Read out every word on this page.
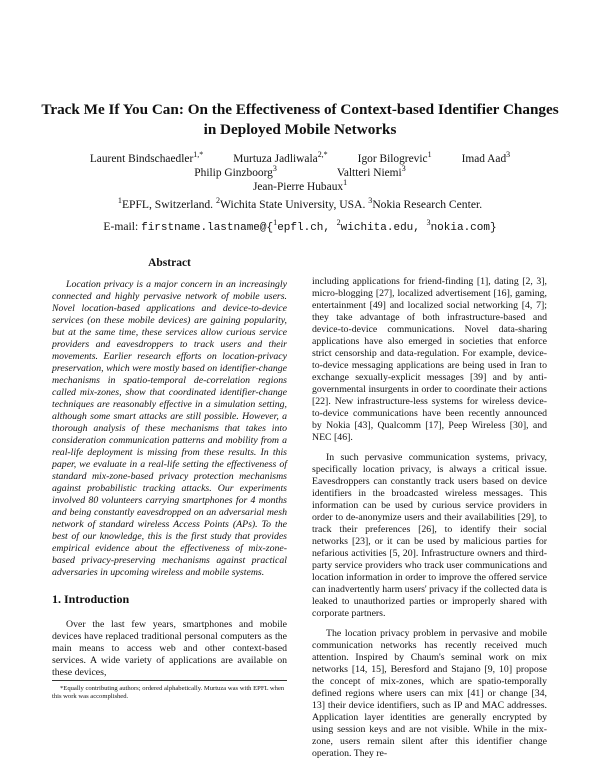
Track Me If You Can: On the Effectiveness of Context-based Identifier Changes
in Deployed Mobile Networks
Laurent Bindschaedler$^{1,*}$	Murtuza Jadliwala$^{2,*}$	Igor Bilogrevic$^1$	Imad Aad$^3$
Philip Ginzboorg$^3$	Valtteri Niemi$^3$
Jean-Pierre Hubaux$^1$
$^1$EPFL, Switzerland. $^2$Wichita State University, USA. $^3$Nokia Research Center.
E-mail: firstname.lastname@{$^1$epfl.ch, $^2$wichita.edu, $^3$nokia.com}
Abstract

Location privacy is a major concern in an increasingly connected and highly pervasive network of mobile users. Novel location-based applications and device-to-device services (on these mobile devices) are gaining popularity, but at the same time, these services allow curious service providers and eavesdroppers to track users and their movements. Earlier research efforts on location-privacy preservation, which were mostly based on identifier-change mechanisms in spatio-temporal de-correlation regions called mix-zones, show that coordinated identifier-change techniques are reasonably effective in a simulation setting, although some smart attacks are still possible. However, a thorough analysis of these mechanisms that takes into consideration communication patterns and mobility from a real-life deployment is missing from these results. In this paper, we evaluate in a real-life setting the effectiveness of standard mix-zone-based privacy protection mechanisms against probabilistic tracking attacks. Our experiments involved 80 volunteers carrying smartphones for 4 months and being constantly eavesdropped on an adversarial mesh network of standard wireless Access Points (APs). To the best of our knowledge, this is the first study that provides empirical evidence about the effectiveness of mix-zone-based privacy-preserving mechanisms against practical adversaries in upcoming wireless and mobile systems.

1. Introduction

Over the last few years, smartphones and mobile devices have replaced traditional personal computers as the main means to access web and other context-based services. A wide variety of applications are available on these devices,

*Equally contributing authors; ordered alphabetically. Murtuza was with EPFL when this work was accomplished.

including applications for friend-finding [1], dating [2, 3], micro-blogging [27], localized advertisement [16], gaming, entertainment [49] and localized social networking [4, 7]; they take advantage of both infrastructure-based and device-to-device communications. Novel data-sharing applications have also emerged in societies that enforce strict censorship and data-regulation. For example, device-to-device messaging applications are being used in Iran to exchange sexually-explicit messages [39] and by anti-governmental insurgents in order to coordinate their actions [22]. New infrastructure-less systems for wireless device-to-device communications have been recently announced by Nokia [43], Qualcomm [17], Peep Wireless [30], and NEC [46].

In such pervasive communication systems, privacy, specifically location privacy, is always a critical issue. Eavesdroppers can constantly track users based on device identifiers in the broadcasted wireless messages. This information can be used by curious service providers in order to de-anonymize users and their availabilities [29], to track their preferences [26], to identify their social networks [23], or it can be used by malicious parties for nefarious activities [5, 20]. Infrastructure owners and third-party service providers who track user communications and location information in order to improve the offered service can inadvertently harm users' privacy if the collected data is leaked to unauthorized parties or improperly shared with corporate partners.

The location privacy problem in pervasive and mobile communication networks has recently received much attention. Inspired by Chaum's seminal work on mix networks [14, 15], Beresford and Stajano [9, 10] propose the concept of mix-zones, which are spatio-temporally defined regions where users can mix [41] or change [34, 13] their device identifiers, such as IP and MAC addresses. Application layer identities are generally encrypted by using session keys and are not visible. While in the mix-zone, users remain silent after this identifier change operation. They re-
